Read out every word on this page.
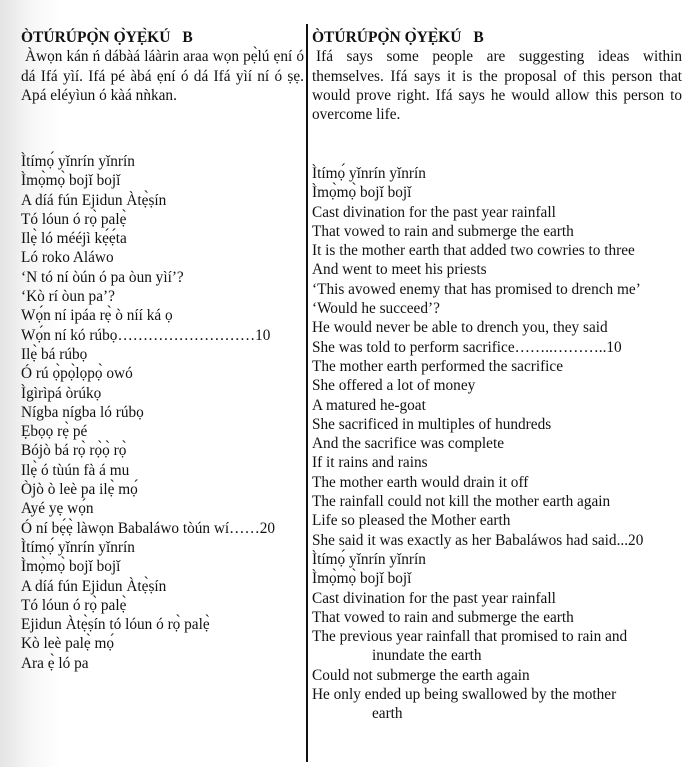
ÒTÚRÚPỌ̀N Ọ̀YẸ̀KÚ B

Àwọn kán ń dábàá láàrin araa wọn pẹ̀lú ẹní ó dá Ifá yìí. Ifá pé àbá ẹní ó dá Ifá yìí ní ó ṣẹ. Apá eléyìun ó kàá nǹkan.

Ìtímọ́ yǐnrín yǐnrín
Ìmọ̀mọ̀ bojǐ bojǐ
A díá fún Ejidun Àtẹ̀ṣín
Tó lóun ó rọ̀ palẹ̀
Ilẹ̀ ló mééjì kẹ́ẹ́ta
Ló roko Aláwo
‘N tó ní òún ó pa òun yìí’?
‘Kò rí òun pa’?
Wọ́n ní ipáa rẹ̀ ò níí ká ọ
Wọ́n ní kó rúbọ………………………10
Ilẹ̀ bá rúbọ
Ó rú ọ̀pọ̀lọpọ̀ owó
Ìgìrìpá òrúkọ
Nígba nígba ló rúbọ
Ẹbọọ rẹ̀ pé
Bójò bá rọ̀ rọ̀ọ̀ rọ̀
Ilẹ̀ ó tùún fà á mu
Òjò ò leè pa ilẹ̀ mọ́
Ayé yẹ wọ́n
Ó ní bẹ́ẹ̀ làwọn Babaláwo tòún wí……20
Ìtímọ́ yǐnrín yǐnrín
Ìmọ̀mọ̀ bojǐ bojǐ
A díá fún Ejidun Àtẹ̀ṣín
Tó lóun ó rọ̀ palẹ̀
Ejidun Àtẹ̀ṣín tó lóun ó rọ̀ palẹ̀
Kò leè palẹ̀ mọ́
Ara ẹ̀ ló pa
ÒTÚRÚPỌ̀N Ọ̀YẸ̀KÚ B

Ifá says some people are suggesting ideas within themselves. Ifá says it is the proposal of this person that would prove right. Ifá says he would allow this person to overcome life.

Ìtímọ́ yǐnrín yǐnrín
Ìmọ̀mọ̀ bojǐ bojǐ
Cast divination for the past year rainfall
That vowed to rain and submerge the earth
It is the mother earth that added two cowries to three
And went to meet his priests
‘This avowed enemy that has promised to drench me’
‘Would he succeed’?
He would never be able to drench you, they said
She was told to perform sacrifice……..………..10
The mother earth performed the sacrifice
She offered a lot of money
A matured he-goat
She sacrificed in multiples of hundreds
And the sacrifice was complete
If it rains and rains
The mother earth would drain it off
The rainfall could not kill the mother earth again
Life so pleased the Mother earth
She said it was exactly as her Babaláwos had said...20
Ìtímọ́ yǐnrín yǐnrín
Ìmọ̀mọ̀ bojǐ bojǐ
Cast divination for the past year rainfall
That vowed to rain and submerge the earth
The previous year rainfall that promised to rain and
inundate the earth
Could not submerge the earth again
He only ended up being swallowed by the mother
earth
